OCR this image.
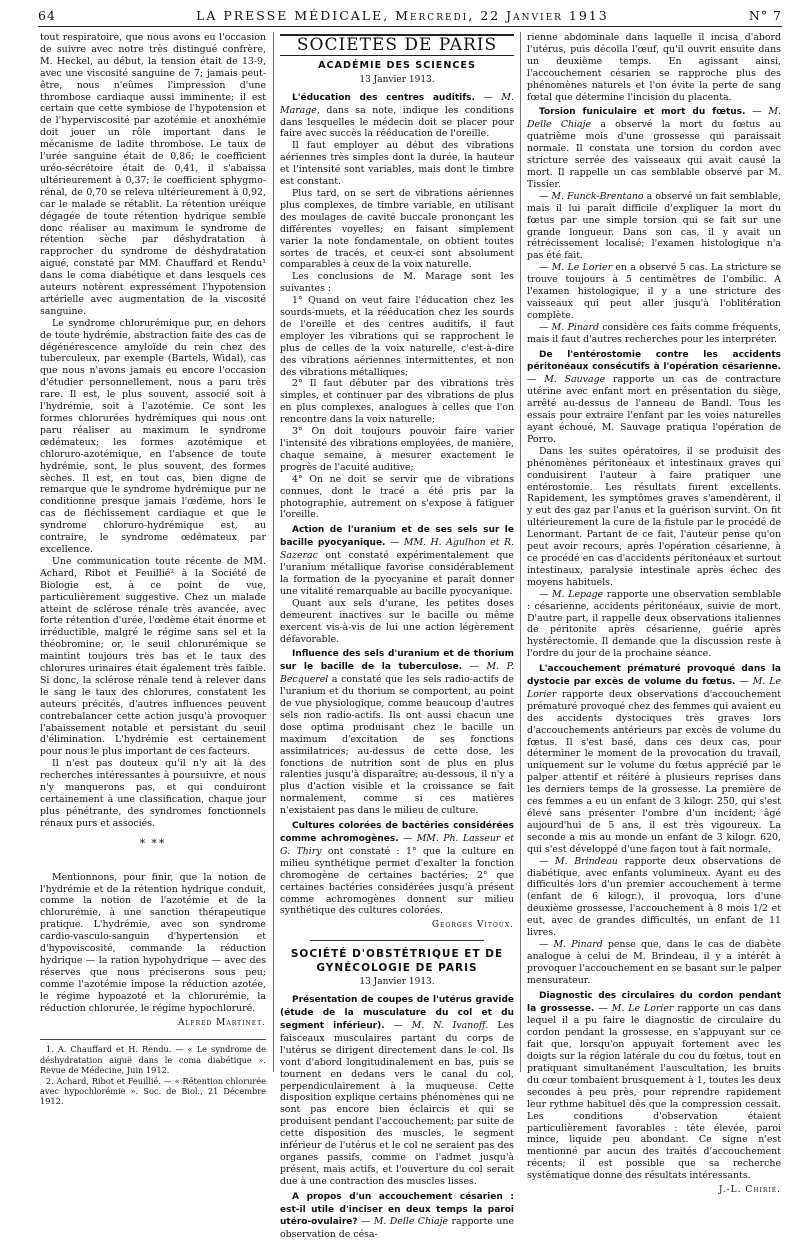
64	LA PRESSE MÉDICALE, Mercredi, 22 Janvier 1913	N° 7

tout respiratoire, que nous avons eu l'occasion de suivre avec notre très distingué confrère, M. Heckel, au début, la tension était de 13-9, avec une viscosité sanguine de 7; jamais peut-être, nous n'eûmes l'impression d'une thrombose cardiaque aussi imminente; il est certain que cette symbiose de l'hypotension et de l'hyperviscosité par azotémie et anoxhémie doit jouer un rôle important dans le mécanisme de ladite thrombose. Le taux de l'urée sanguine était de 0,86; le coefficient uréo-sécrétoire était de 0,41, il s'abaissa ultérieurement à 0,37; le coefficient sphygmo-rénal, de 0,70 se releva ultérieurement à 0,92, car le malade se rétablit. La rétention uréique dégagée de toute rétention hydrique semble donc réaliser au maximum le syndrome de rétention sèche par déshydratation à rapprocher du syndrome de déshydratation aigué, constaté par MM. Chauffard et Rendu¹ dans le coma diabétique et dans lesquels ces auteurs notèrent expressément l'hypotension artérielle avec augmentation de la viscosité sanguine.

Le syndrome chlorurémique pur, en dehors de toute hydrémie, abstraction faite des cas de dégénérescence amyloïde du rein chez des tuberculeux, par exemple (Bartels, Widal), cas que nous n'avons jamais eu encore l'occasion d'étudier personnellement, nous a paru très rare. Il est, le plus souvent, associé soit à l'hydrémie, soit à l'azotémie. Ce sont les formes chlorurées hydrémiques qui nous ont paru réaliser au maximum le syndrome œdémateux; les formes azotémique et chloruro-azotémique, en l'absence de toute hydrémie, sont, le plus souvent, des formes sèches. Il est, en tout cas, bien digne de remarque que le syndrome hydrémique pur ne conditionne presque jamais l'œdème, hors le cas de fléchissement cardiaque et que le syndrome chloruro-hydrémique est, au contraire, le syndrome œdémateux par excellence.

Une communication toute récente de MM. Achard, Ribot et Feuillié² à la Société de Biologie est, à ce point de vue, particulièrement suggestive. Chez un malade atteint de sclérose rénale très avancée, avec forte rétention d'urée, l'œdème était énorme et irréductible, malgré le régime sans sel et la théobromine; or, le seuil chlorurémique se maintint toujours très bas et le taux des chlorures urinaires était également très faible. Si donc, la sclérose rénale tend à relever dans le sang le taux des chlorures, constatent les auteurs précités, d'autres influences peuvent contrebalancer cette action jusqu'à provoquer l'abaissement notable et persistant du seuil d'élimination. L'hydrémie est certainement pour nous le plus important de ces facteurs.

Il n'est pas douteux qu'il n'y ait là des recherches intéressantes à poursuivre, et nous n'y manquerons pas, et qui conduiront certainement à une classification, chaque jour plus pénétrante, des syndromes fonctionnels rénaux purs et associés.

* **

Mentionnons, pour finir, que la notion de l'hydrémie et de la rétention hydrique conduit, comme la notion de l'azotémie et de la chlorurémie, à une sanction thérapeutique pratique. L'hydrémie, avec son syndrome cardio-vasculo-sanguin d'hypertension et d'hypoviscosité, commande la réduction hydrique — la ration hypohydrique — avec des réserves que nous préciserons sous peu; comme l'azotémie impose la réduction azotée, le régime hypoazoté et la chlorurémie, la réduction chlorurée, le régime hypochloruré.

Alfred Martinet.

1. A. Chauffard et H. Rendu. — « Le syndrome de déshydratation aiguë dans le coma diabétique ». Revue de Médecine, Juin 1912.

2. Achard, Ribot et Feuillié. — « Rétention chlorurée avec hypochlorémie ». Soc. de Biol., 21 Décembre 1912.

SOCIÉTÉS DE PARIS
ACADÉMIE DES SCIENCES
13 Janvier 1913.

L'éducation des centres auditifs. — M. Marage, dans sa note, indique les conditions dans lesquelles le médecin doit se placer pour faire avec succès la rééducation de l'oreille.

Il faut employer au début des vibrations aériennes très simples dont la durée, la hauteur et l'intensité sont variables, mais dont le timbre est constant.

Plus tard, on se sert de vibrations aériennes plus complexes, de timbre variable, en utilisant des moulages de cavité buccale prononçant les différentes voyelles; en faisant simplement varier la note fondamentale, on obtient toutes sortes de tracés, et ceux-ci sont absolument comparables à ceux de la voix naturelle.

Les conclusions de M. Marage sont les suivantes :

1° Quand on veut faire l'éducation chez les sourds-muets, et la rééducation chez les sourds de l'oreille et des centres auditifs, il faut employer les vibrations qui se rapprochent le plus de celles de la voix naturelle, c'est-à-dire des vibrations aériennes intermittentes, et non des vibrations métalliques;

2° Il faut débuter par des vibrations très simples, et continuer par des vibrations de plus en plus complexes, analogues à celles que l'on rencontre dans la voix naturelle;

3° On doit toujours pouvoir faire varier l'intensité des vibrations employées, de manière, chaque semaine, à mesurer exactement le progrès de l'acuité auditive;

4° On ne doit se servir que de vibrations connues, dont le tracé a été pris par la photographie, autrement on s'expose à fatiguer l'oreille.

Action de l'uranium et de ses sels sur le bacille pyocyanique. — MM. H. Agulhon et R. Sazerac ont constaté expérimentalement que l'uranium métallique favorise considérablement la formation de la pyocyanine et paraît donner une vitalité remarquable au bacille pyocyanique.

Quant aux sels d'urane, les petites doses demeurent inactives sur le bacille ou même exercent vis-à-vis de lui une action légèrement défavorable.

Influence des sels d'uranium et de thorium sur le bacille de la tuberculose. — M. P. Becquerel a constaté que les sels radio-actifs de l'uranium et du thorium se comportent, au point de vue physiologique, comme beaucoup d'autres sels non radio-actifs. Ils ont aussi chacun une dose optima produisant chez le bacille un maximum d'excitation de ses fonctions assimilatrices; au-dessus de cette dose, les fonctions de nutrition sont de plus en plus ralenties jusqu'à disparaître; au-dessous, il n'y a plus d'action visible et la croissance se fait normalement, comme si ces matières n'existaient pas dans le milieu de culture.

Cultures colorées de bactéries considérées comme achromogènes. — MM. Ph. Lasseur et G. Thiry ont constaté : 1° que la culture en milieu synthétique permet d'exalter la fonction chromogène de certaines bactéries; 2° que certaines bactéries considérées jusqu'à présent comme achromogènes donnent sur milieu synthétique des cultures colorées.

Georges Vitoux.
SOCIÉTÉ D'OBSTÉTRIQUE ET DE GYNÉCOLOGIE DE PARIS
13 Janvier 1913.

Présentation de coupes de l'utérus gravide (étude de la musculature du col et du segment inférieur). — M. N. Ivanoff. Les faisceaux musculaires partant du corps de l'utérus se dirigent directement dans le col. Ils vont d'abord longitudinalement en bas, puis se tournent en dedans vers le canal du col, perpendiculairement à la muqueuse. Cette disposition explique certains phénomènes qui ne sont pas encore bien éclaircis et qui se produisent pendant l'accouchement; par suite de cette disposition des muscles, le segment inférieur de l'utérus et le col ne seraient pas des organes passifs, comme on l'admet jusqu'à présent, mais actifs, et l'ouverture du col serait due à une contraction des muscles lisses.

A propos d'un accouchement césarien : est-il utile d'inciser en deux temps la paroi utéro-ovulaire? — M. Delle Chiaje rapporte une observation de césa-

rienne abdominale dans laquelle il incisa d'abord l'utérus, puis décolla l'œuf, qu'il ouvrit ensuite dans un deuxième temps. En agissant ainsi, l'accouchement césarien se rapproche plus des phénomènes naturels et l'on évite la perte de sang fœtal que détermine l'incision du placenta.

Torsion funiculaire et mort du fœtus. — M. Delle Chiaje a observé la mort du fœtus au quatrième mois d'une grossesse qui paraissait normale. Il constata une torsion du cordon avec stricture serrée des vaisseaux qui avait causé la mort. Il rappelle un cas semblable observé par M. Tissier.

— M. Funck-Brentano a observé un fait semblable, mais il lui paraît difficile d'expliquer la mort du fœtus par une simple torsion qui se fait sur une grande longueur. Dans son cas, il y avait un rétrécissement localisé; l'examen histologique n'a pas été fait.

— M. Le Lorier en a observé 5 cas. La stricture se trouve toujours à 5 centimètres de l'ombilic. A l'examen histologique, il y a une stricture des vaisseaux qui peut aller jusqu'à l'oblitération complète.

— M. Pinard considère ces faits comme fréquents, mais il faut d'autres recherches pour les interpréter.

De l'entérostomie contre les accidents péritonéaux consécutifs à l'opération césarienne. — M. Sauvage rapporte un cas de contracture utérine avec enfant mort en présentation du siège, arrêté au-dessus de l'anneau de Bandl. Tous les essais pour extraire l'enfant par les voies naturelles ayant échoué, M. Sauvage pratiqua l'opération de Porro.

Dans les suites opératoires, il se produisit des phénomènes péritonéaux et intestinaux graves qui conduisirent l'auteur à faire pratiquer une entérostomie. Les résultats furent excellents. Rapidement, les symptômes graves s'amendèrent, il y eut des gaz par l'anus et la guérison survint. On fit ultérieurement la cure de la fistule par le procédé de Lenormant. Partant de ce fait, l'auteur pense qu'on peut avoir recours, après l'opération césarienne, à ce procédé en cas d'accidents péritonéaux et surtout intestinaux, paralysie intestinale après échec des moyens habituels.

— M. Lepage rapporte une observation semblable : césarienne, accidents péritonéaux, suivie de mort. D'autre part, il rappelle deux observations italiennes de péritonite après césarienne, guérie après hystérectomie. Il demande que la discussion reste à l'ordre du jour de la prochaine séance.

L'accouchement prématuré provoqué dans la dystocie par excès de volume du fœtus. — M. Le Lorier rapporte deux observations d'accouchement prématuré provoqué chez des femmes qui avaient eu des accidents dystociques très graves lors d'accouchements antérieurs par excès de volume du fœtus. Il s'est basé, dans ces deux cas, pour déterminer le moment de la provocation du travail, uniquement sur le volume du fœtus apprécié par le palper attentif et réitéré à plusieurs reprises dans les derniers temps de la grossesse. La première de ces femmes a eu un enfant de 3 kilogr. 250, qui s'est élevé sans présenter l'ombre d'un incident; âgé aujourd'hui de 5 ans, il est très vigoureux. La seconde a mis au monde un enfant de 3 kilogr. 620, qui s'est développé d'une façon tout à fait normale.

— M. Brindeau rapporte deux observations de diabétique, avec enfants volumineux. Ayant eu des difficultés lors d'un premier accouchement à terme (enfant de 6 kilogr.), il provoqua, lors d'une deuxième grossesse, l'accouchement à 8 mois 1/2 et eut, avec de grandes difficultés, un enfant de 11 livres.

— M. Pinard pense que, dans le cas de diabète analogue à celui de M. Brindeau, il y a intérêt à provoquer l'accouchement en se basant sur le palper mensurateur.

Diagnostic des circulaires du cordon pendant la grossesse. — M. Le Lorier rapporte un cas dans lequel il a pu faire le diagnostic de circulaire du cordon pendant la grossesse, en s'appuyant sur ce fait que, lorsqu'on appuyait fortement avec les doigts sur la région latérale du cou du fœtus, tout en pratiquant simultanément l'auscultation, les bruits du cœur tombaient brusquement à 1, toutes les deux secondes à peu près, pour reprendre rapidement leur rythme habituel dès que la compression cessait. Les conditions d'observation étaient particulièrement favorables : tête élevée, paroi mince, liquide peu abondant. Ce signe n'est mentionné par aucun des traités d'accouchement récents; il est possible que sa recherche systématique donne des résultats intéressants.

J.-L. Chirié.
